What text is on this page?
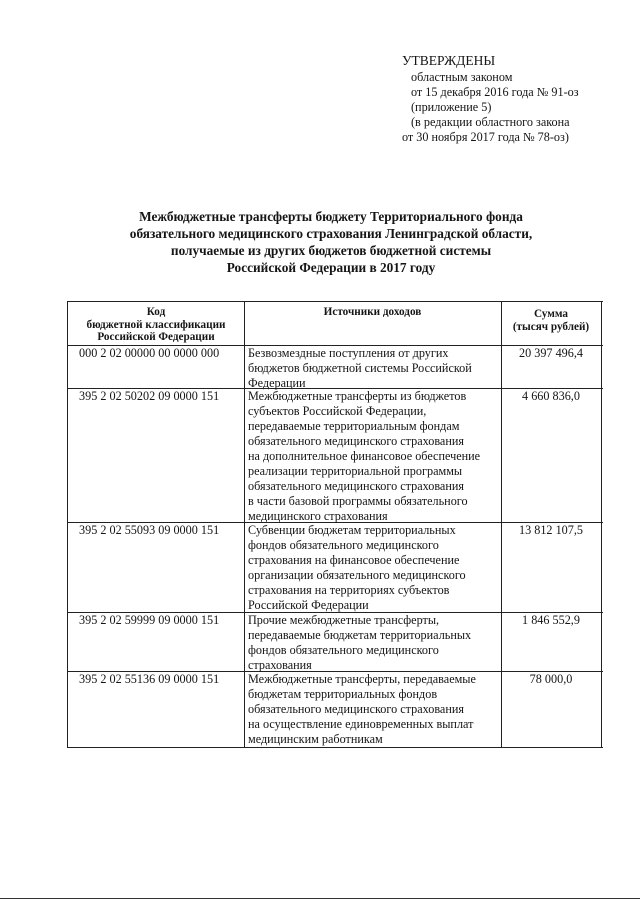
УТВЕРЖДЕНЫ
областным законом
от 15 декабря 2016 года № 91-оз
(приложение 5)
(в редакции областного закона
от 30 ноября 2017 года № 78-оз)
Межбюджетные трансферты бюджету Территориального фонда
обязательного медицинского страхования Ленинградской области,
получаемые из других бюджетов бюджетной системы
Российской Федерации в 2017 году
Код
бюджетной классификации
Российской Федерации
Источники доходов	Сумма
(тысяч рублей)
000 2 02 00000 00 0000 000 Безвозмездные поступления от других
бюджетов бюджетной системы Российской
Федерации
20 397 496,4
395 2 02 50202 09 0000 151 Межбюджетные трансферты из бюджетов
субъектов Российской Федерации,
передаваемые территориальным фондам
обязательного медицинского страхования
на дополнительное финансовое обеспечение
реализации территориальной программы
обязательного медицинского страхования
в части базовой программы обязательного
медицинского страхования
4 660 836,0
395 2 02 55093 09 0000 151 Субвенции бюджетам территориальных
фондов обязательного медицинского
страхования на финансовое обеспечение
организации обязательного медицинского
страхования на территориях субъектов
Российской Федерации
13 812 107,5
395 2 02 59999 09 0000 151 Прочие межбюджетные трансферты,
передаваемые бюджетам территориальных
фондов обязательного медицинского
страхования
1 846 552,9
395 2 02 55136 09 0000 151 Межбюджетные трансферты, передаваемые
бюджетам территориальных фондов
обязательного медицинского страхования
на осуществление единовременных выплат
медицинским работникам
78 000,0
